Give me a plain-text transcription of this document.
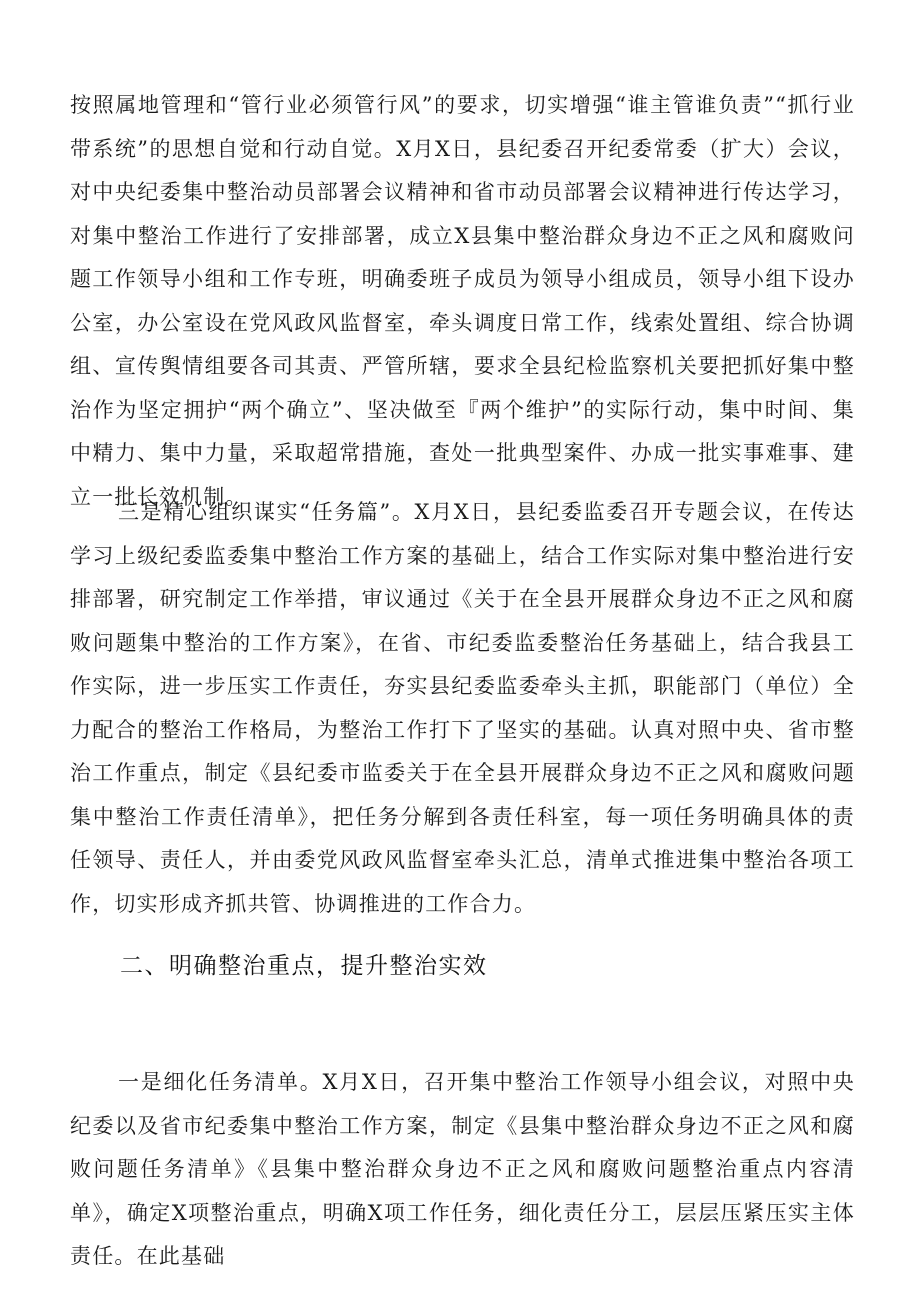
按照属地管理和“管行业必须管行风”的要求，切实增强“谁主管谁负责”“抓行业带系统”的思想自觉和行动自觉。X月X日，县纪委召开纪委常委（扩大）会议，对中央纪委集中整治动员部署会议精神和省市动员部署会议精神进行传达学习，对集中整治工作进行了安排部署，成立X县集中整治群众身边不正之风和腐败问题工作领导小组和工作专班，明确委班子成员为领导小组成员，领导小组下设办公室，办公室设在党风政风监督室，牵头调度日常工作，线索处置组、综合协调组、宣传舆情组要各司其责、严管所辖，要求全县纪检监察机关要把抓好集中整治作为坚定拥护“两个确立”、坚决做至『两个维护”的实际行动，集中时间、集中精力、集中力量，采取超常措施，查处一批典型案件、办成一批实事难事、建立一批长效机制。

三是精心组织谋实“任务篇”。X月X日，县纪委监委召开专题会议，在传达学习上级纪委监委集中整治工作方案的基础上，结合工作实际对集中整治进行安排部署，研究制定工作举措，审议通过《关于在全县开展群众身边不正之风和腐败问题集中整治的工作方案》，在省、市纪委监委整治任务基础上，结合我县工作实际，进一步压实工作责任，夯实县纪委监委牵头主抓，职能部门（单位）全力配合的整治工作格局，为整治工作打下了坚实的基础。认真对照中央、省市整治工作重点，制定《县纪委市监委关于在全县开展群众身边不正之风和腐败问题集中整治工作责任清单》，把任务分解到各责任科室，每一项任务明确具体的责任领导、责任人，并由委党风政风监督室牵头汇总，清单式推进集中整治各项工作，切实形成齐抓共管、协调推进的工作合力。

二、明确整治重点，提升整治实效

一是细化任务清单。X月X日，召开集中整治工作领导小组会议，对照中央纪委以及省市纪委集中整治工作方案，制定《县集中整治群众身边不正之风和腐败问题任务清单》《县集中整治群众身边不正之风和腐败问题整治重点内容清单》，确定X项整治重点，明确X项工作任务，细化责任分工，层层压紧压实主体责任。在此基础
